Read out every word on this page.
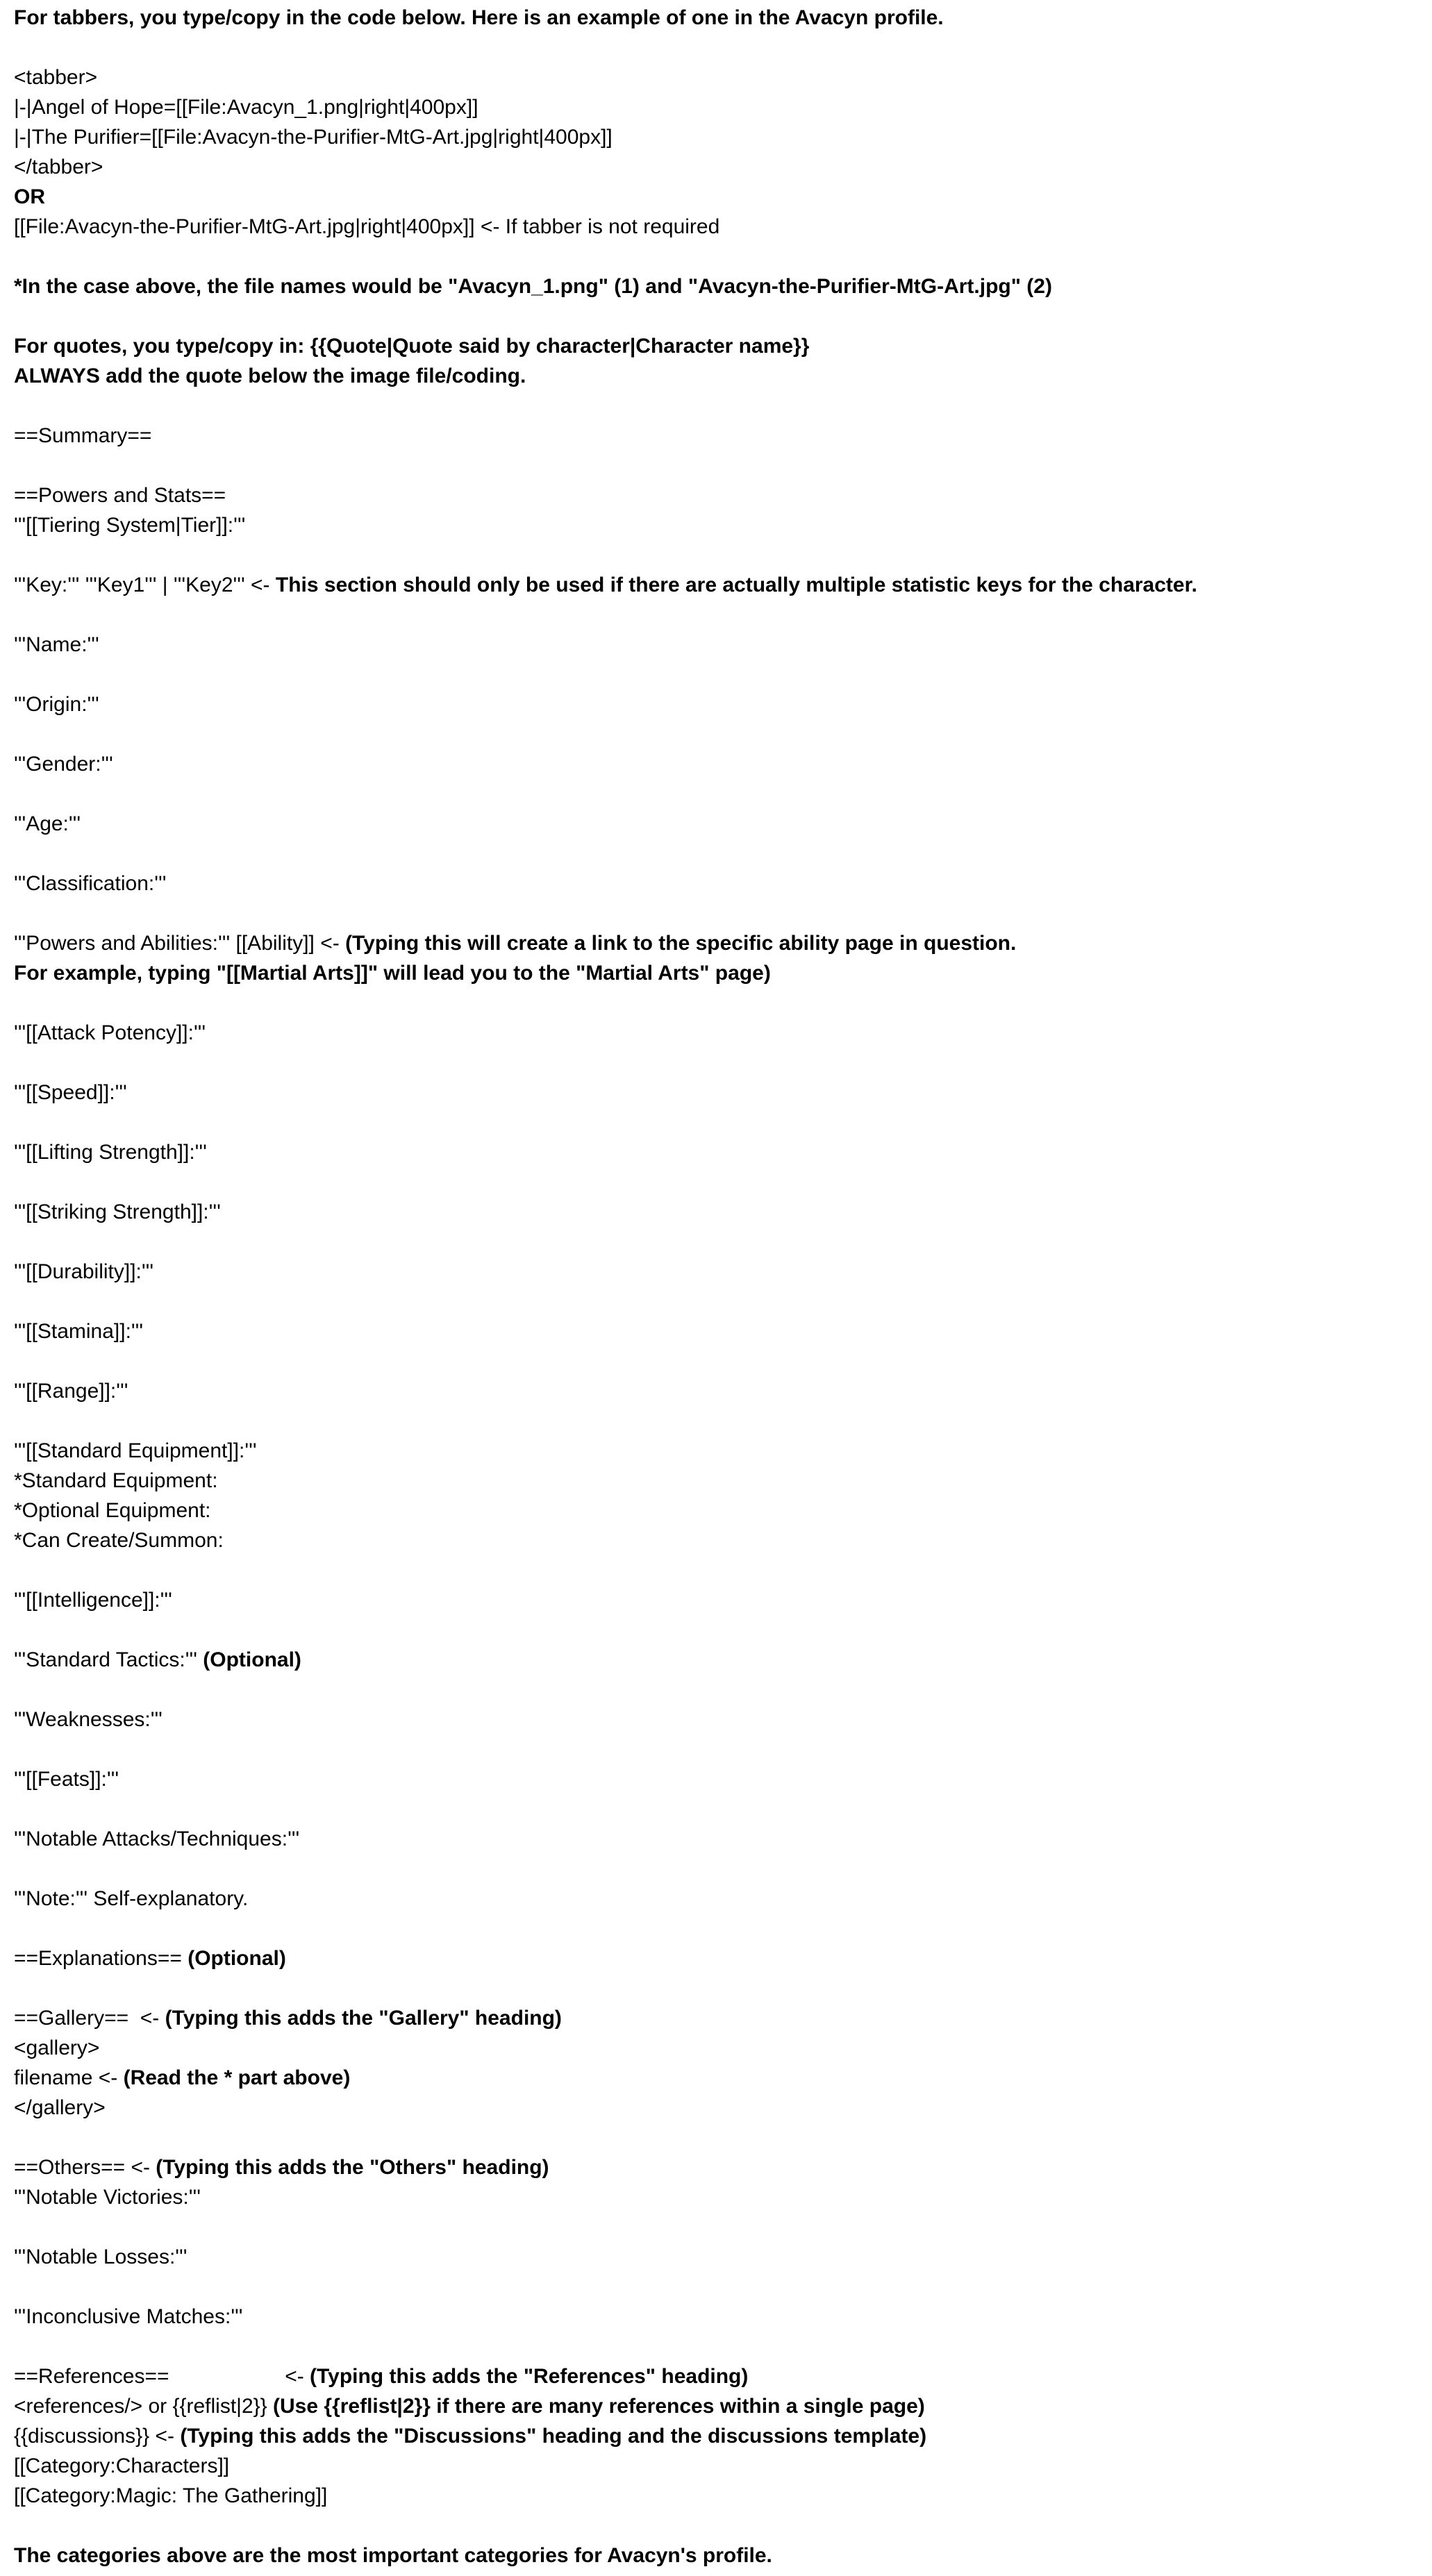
For tabbers, you type/copy in the code below. Here is an example of one in the Avacyn profile.

<tabber>
|-|Angel of Hope=[[File:Avacyn_1.png|right|400px]]
|-|The Purifier=[[File:Avacyn-the-Purifier-MtG-Art.jpg|right|400px]]
</tabber>
OR
[[File:Avacyn-the-Purifier-MtG-Art.jpg|right|400px]] <- If tabber is not required

*In the case above, the file names would be "Avacyn_1.png" (1) and "Avacyn-the-Purifier-MtG-Art.jpg" (2)

For quotes, you type/copy in: {{Quote|Quote said by character|Character name}}
ALWAYS add the quote below the image file/coding.

==Summary==

==Powers and Stats==
'''[[Tiering System|Tier]]:'''

'''Key:''' '''Key1''' | '''Key2''' <- This section should only be used if there are actually multiple statistic keys for the character.

'''Name:'''

'''Origin:'''

'''Gender:'''

'''Age:'''

'''Classification:'''

'''Powers and Abilities:''' [[Ability]] <- (Typing this will create a link to the specific ability page in question.
For example, typing "[[Martial Arts]]" will lead you to the "Martial Arts" page)

'''[[Attack Potency]]:'''

'''[[Speed]]:'''

'''[[Lifting Strength]]:'''

'''[[Striking Strength]]:'''

'''[[Durability]]:'''

'''[[Stamina]]:'''

'''[[Range]]:'''

'''[[Standard Equipment]]:'''
*Standard Equipment:
*Optional Equipment:
*Can Create/Summon:

'''[[Intelligence]]:'''

'''Standard Tactics:''' (Optional)

'''Weaknesses:'''

'''[[Feats]]:'''

'''Notable Attacks/Techniques:'''

'''Note:''' Self-explanatory.

==Explanations== (Optional)

==Gallery==  <- (Typing this adds the "Gallery" heading)
<gallery>
filename <- (Read the * part above)
</gallery>

==Others== <- (Typing this adds the "Others" heading)
'''Notable Victories:'''

'''Notable Losses:'''

'''Inconclusive Matches:'''

==References==                    <- (Typing this adds the "References" heading)
<references/> or {{reflist|2}} (Use {{reflist|2}} if there are many references within a single page)
{{discussions}} <- (Typing this adds the "Discussions" heading and the discussions template)
[[Category:Characters]]
[[Category:Magic: The Gathering]]

The categories above are the most important categories for Avacyn's profile.
